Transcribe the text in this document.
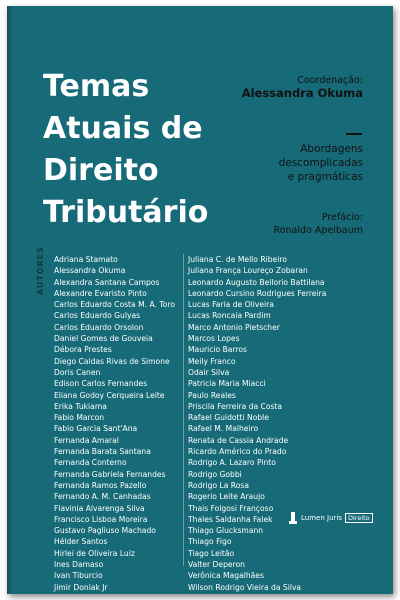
Temas
Atuais de
Direito
Tributário
Coordenação:
Alessandra Okuma
Abordagens
descomplicadas
e pragmáticas
Prefácio:
Ronaldo Apelbaum
AUTORES Adriana Stamato
Alessandra Okuma
Alexandra Santana Campos
Alexandre Evaristo Pinto
Carlos Eduardo Costa M. A. Toro
Carlos Eduardo Gulyas
Carlos Eduardo Orsolon
Daniel Gomes de Gouveia
Débora Prestes
Diego Caldas Rivas de Simone
Doris Canen
Edison Carlos Fernandes
Eliana Godoy Cerqueira Leite
Erika Tukiama
Fabio Marcon
Fabio Garcia Sant'Ana
Fernanda Amaral
Fernanda Barata Santana
Fernanda Conterno
Fernanda Gabriela Fernandes
Fernanda Ramos Pazello
Fernando A. M. Canhadas
Flavinia Alvarenga Silva
Francisco Lisboa Moreira
Gustavo Pagliuso Machado
Hélder Santos
Hirlei de Oliveira Luiz
Ines Damaso
Ivan Tiburcio
Jimir Doniak Jr
Juliana C. de Mello Ribeiro
Juliana França Loureço Zobaran
Leonardo Augusto Bellorio Battilana
Leonardo Cursino Rodrigues Ferreira
Lucas Faria de Oliveira
Lucas Roncaia Pardim
Marco Antonio Pietscher
Marcos Lopes
Mauricio Barros
Meily Franco
Odair Silva
Patricia Maria Miacci
Paulo Reales
Priscila Ferreira da Costa
Rafael Guidotti Noble
Rafael M. Malheiro
Renata de Cassia Andrade
Ricardo Américo do Prado
Rodrigo A. Lazaro Pinto
Rodrigo Gobbi
Rodrigo La Rosa
Rogerio Leite Araujo
Thais Folgosi Françoso
Thales Saldanha Falek
Thiago Glucksmann
Thiago Figo
Tiago Leitão
Valter Deperon
Verônica Magalhães
Wilson Rodrigo Vieira da Silva
Lumen Juris Direito
